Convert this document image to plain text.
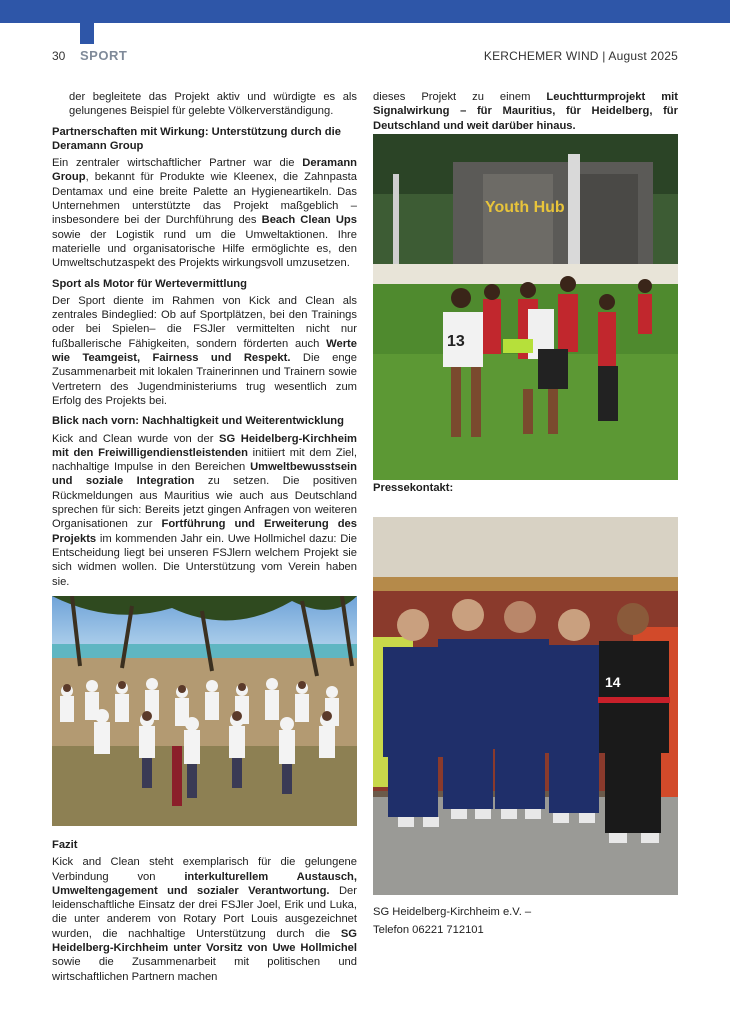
30 SPORT	KERCHEMER WIND | August 2025

der begleitete das Projekt aktiv und würdigte es als gelungenes Beispiel für gelebte Völkerverständigung.

Partnerschaften mit Wirkung: Unterstützung durch die Deramann Group

Ein zentraler wirtschaftlicher Partner war die Deramann Group, bekannt für Produkte wie Kleenex, die Zahnpasta Dentamax und eine breite Palette an Hygieneartikeln. Das Unternehmen unterstützte das Projekt maßgeblich – insbesondere bei der Durchführung des Beach Clean Ups sowie der Logistik rund um die Umweltaktionen. Ihre materielle und organisatorische Hilfe ermöglichte es, den Umweltschutzaspekt des Projekts wirkungsvoll umzusetzen.

Sport als Motor für Wertevermittlung

Der Sport diente im Rahmen von Kick and Clean als zentrales Bindeglied: Ob auf Sportplätzen, bei den Trainings oder bei Spielen– die FSJler vermittelten nicht nur fußballerische Fähigkeiten, sondern förderten auch Werte wie Teamgeist, Fairness und Respekt. Die enge Zusammenarbeit mit lokalen Trainerinnen und Trainern sowie Vertretern des Jugendministeriums trug wesentlich zum Erfolg des Projekts bei.

Blick nach vorn: Nachhaltigkeit und Weiterentwicklung

Kick and Clean wurde von der SG Heidelberg-Kirchheim mit den Freiwilligendienstleistenden initiiert mit dem Ziel, nachhaltige Impulse in den Bereichen Umweltbewusstsein und soziale Integration zu setzen. Die positiven Rückmeldungen aus Mauritius wie auch aus Deutschland sprechen für sich: Bereits jetzt gingen Anfragen von weiteren Organisationen zur Fortführung und Erweiterung des Projekts im kommenden Jahr ein. Uwe Hollmichel dazu: Die Entscheidung liegt bei unseren FSJlern welchem Projekt sie sich widmen wollen. Die Unterstützung vom Verein haben sie.

Fazit

Kick and Clean steht exemplarisch für die gelungene Verbindung von interkulturellem Austausch, Umweltengagement und sozialer Verantwortung. Der leidenschaftliche Einsatz der drei FSJler Joel, Erik und Luka, die unter anderem von Rotary Port Louis ausgezeichnet wurden, die nachhaltige Unterstützung durch die SG Heidelberg-Kirchheim unter Vorsitz von Uwe Hollmichel sowie die Zusammenarbeit mit politischen und wirtschaftlichen Partnern machen

dieses Projekt zu einem Leuchtturmprojekt mit Signalwirkung – für Mauritius, für Heidelberg, für Deutschland und weit darüber hinaus.

Youth Hub
13
Pressekontakt:
14
SG Heidelberg-Kirchheim e.V. –
Telefon 06221 712101
